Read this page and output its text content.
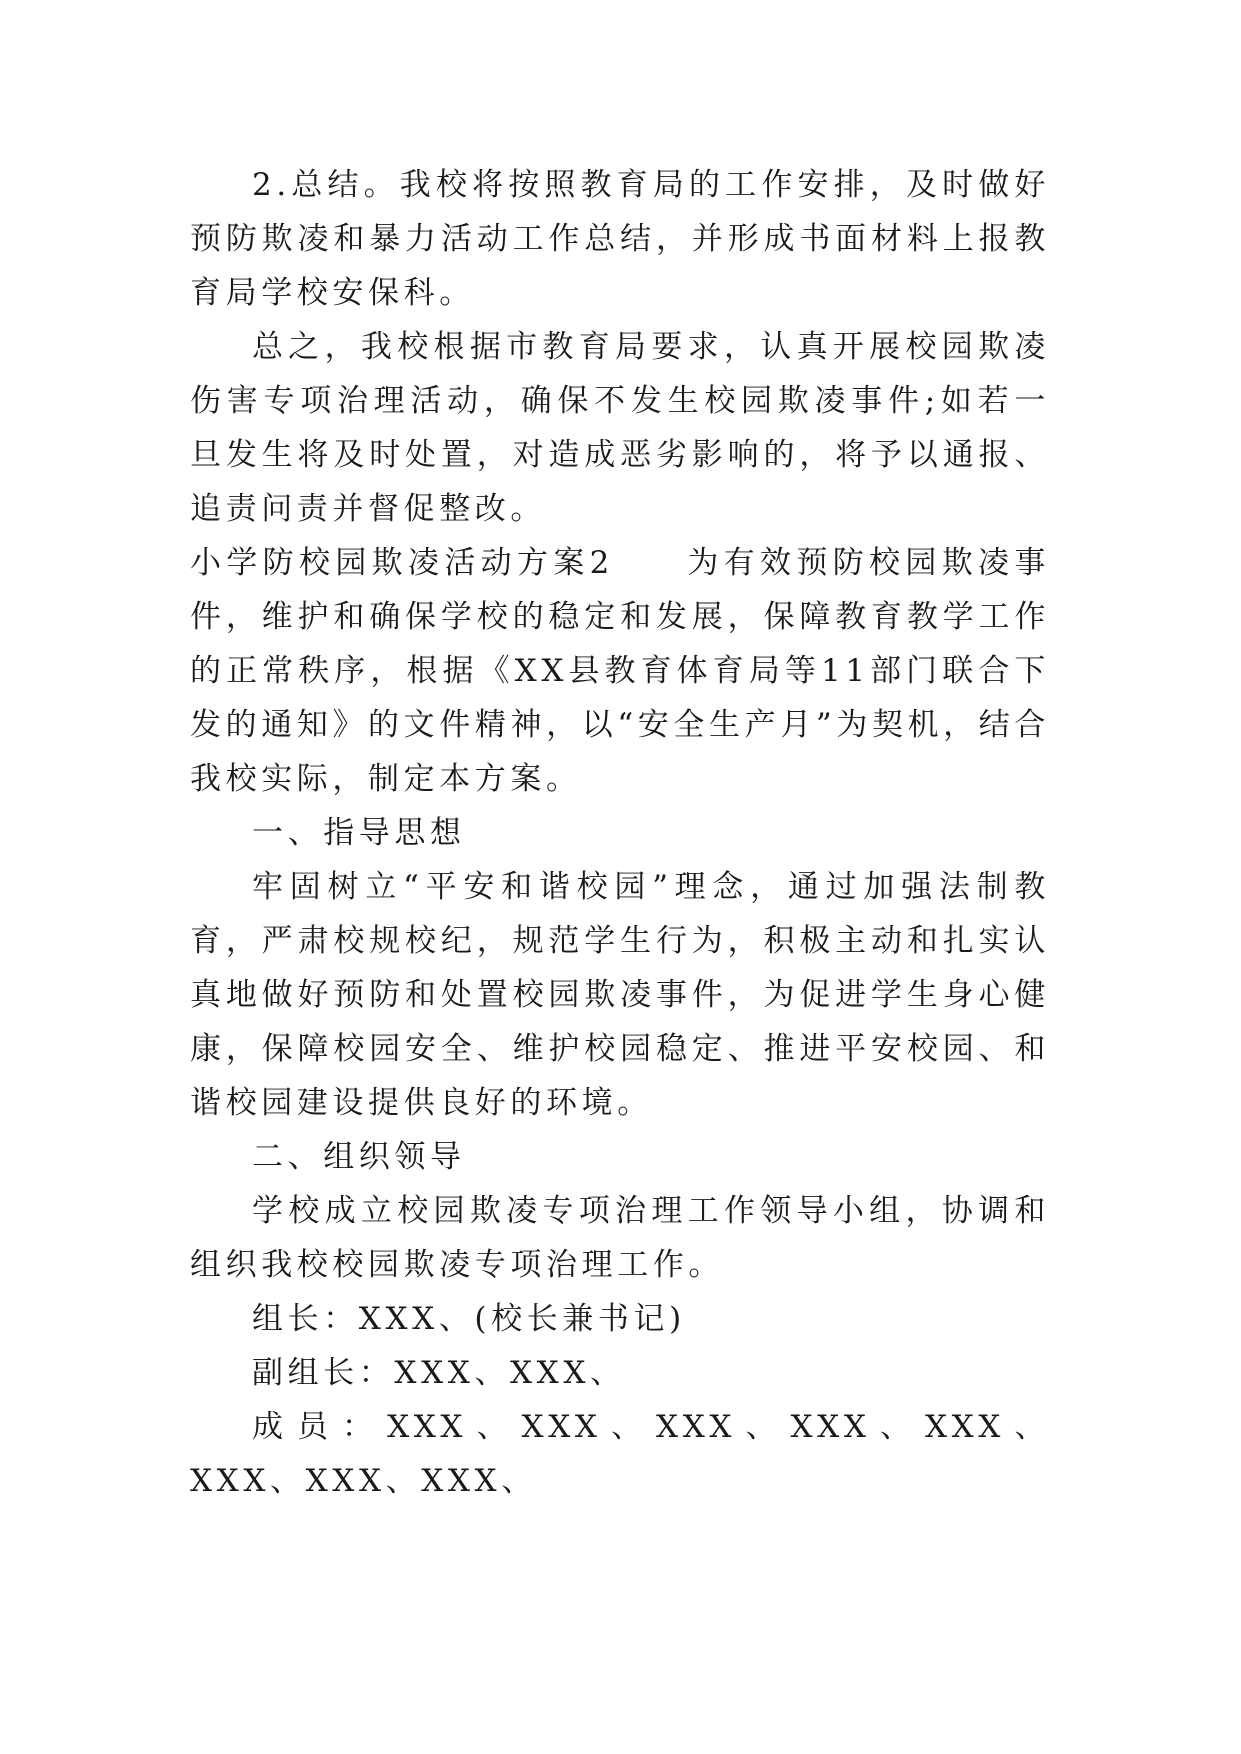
2.总结。我校将按照教育局的工作安排，及时做好预防欺凌和暴力活动工作总结，并形成书面材料上报教育局学校安保科。

总之，我校根据市教育局要求，认真开展校园欺凌伤害专项治理活动，确保不发生校园欺凌事件;如若一旦发生将及时处置，对造成恶劣影响的，将予以通报、追责问责并督促整改。

小学防校园欺凌活动方案2　　为有效预防校园欺凌事件，维护和确保学校的稳定和发展，保障教育教学工作的正常秩序，根据《XX县教育体育局等11部门联合下发的通知》的文件精神，以“安全生产月”为契机，结合我校实际，制定本方案。

一、指导思想

牢固树立“平安和谐校园”理念，通过加强法制教育，严肃校规校纪，规范学生行为，积极主动和扎实认真地做好预防和处置校园欺凌事件，为促进学生身心健康，保障校园安全、维护校园稳定、推进平安校园、和谐校园建设提供良好的环境。

二、组织领导

学校成立校园欺凌专项治理工作领导小组，协调和组织我校校园欺凌专项治理工作。

组长：XXX、(校长兼书记)

副组长：XXX、XXX、

成员：XXX、XXX、XXX、XXX、XXX、XXX、XXX、XXX、
